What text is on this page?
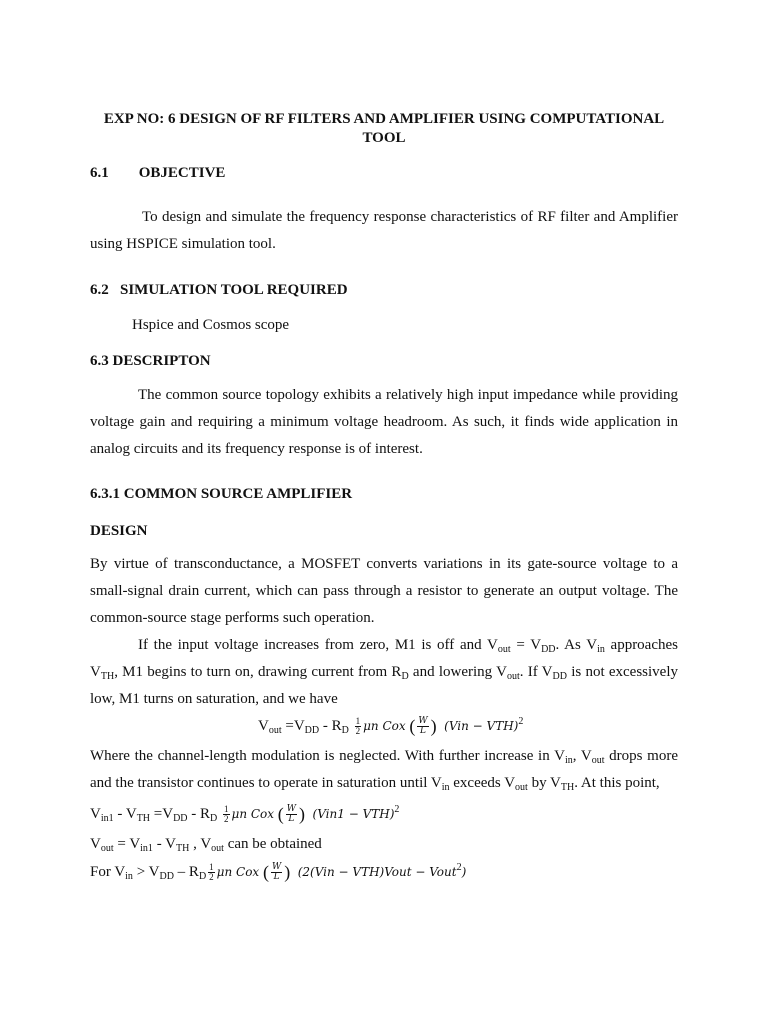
EXP NO: 6 DESIGN OF RF FILTERS AND AMPLIFIER USING COMPUTATIONAL TOOL
6.1 OBJECTIVE
To design and simulate the frequency response characteristics of RF filter and Amplifier using HSPICE simulation tool.
6.2   SIMULATION TOOL REQUIRED
Hspice and Cosmos scope
6.3 DESCRIPTON
The common source topology exhibits a relatively high input impedance while providing voltage gain and requiring a minimum voltage headroom. As such, it finds wide application in analog circuits and its frequency response is of interest.
6.3.1 COMMON SOURCE AMPLIFIER
DESIGN
By virtue of transconductance, a MOSFET converts variations in its gate-source voltage to a small-signal drain current, which can pass through a resistor to generate an output voltage. The common-source stage performs such operation.
If the input voltage increases from zero, M1 is off and $V_{out} = V_{DD}$. As $V_{in}$ approaches $V_{TH}$, M1 begins to turn on, drawing current from $R_D$ and lowering $V_{out}$. If $V_{DD}$ is not excessively low, M1 turns on saturation, and we have
$V_{out} =V_{DD} - R_D \frac{1}{2}$ μn Cox ( $\frac{W}{L}$ ) (Vin − VTH)$^2$
Where the channel-length modulation is neglected. With further increase in $V_{in}$, $V_{out}$ drops more and the transistor continues to operate in saturation until $V_{in}$ exceeds $V_{out}$ by $V_{TH}$. At this point,
$V_{in1} - V_{TH} =V_{DD} - R_D \frac{1}{2}$ μn Cox ( $\frac{W}{L}$ ) (Vin1 − VTH)$^2$
$V_{out} = V_{in1} - V_{TH}$ , $V_{out}$ can be obtained
For $V_{in} > V_{DD} - R_D \frac{1}{2}$ μn Cox ( $\frac{W}{L}$ ) (2(Vin − VTH)Vout − Vout$^2$)
